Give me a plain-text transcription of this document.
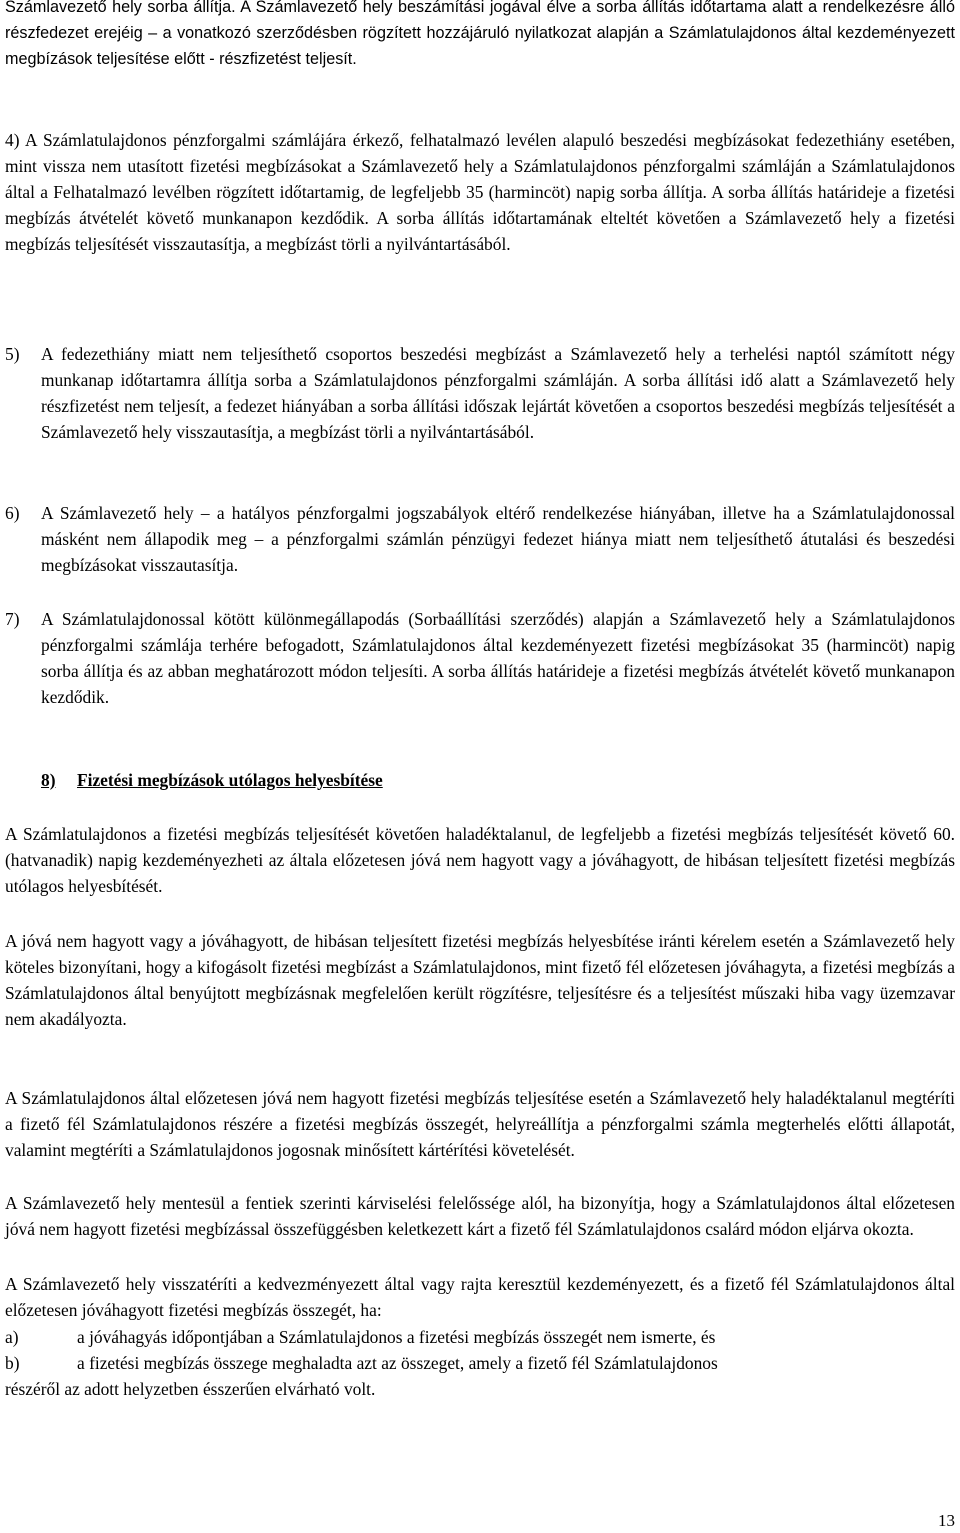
Számlavezető hely sorba állítja. A Számlavezető hely beszámítási jogával élve a sorba állítás időtartama alatt a rendelkezésre álló részfedezet erejéig – a vonatkozó szerződésben rögzített hozzájáruló nyilatkozat alapján a Számlatulajdonos által kezdeményezett megbízások teljesítése előtt - részfizetést teljesít.

4) A Számlatulajdonos pénzforgalmi számlájára érkező, felhatalmazó levélen alapuló beszedési megbízásokat fedezethiány esetében, mint vissza nem utasított fizetési megbízásokat a Számlavezető hely a Számlatulajdonos pénzforgalmi számláján a Számlatulajdonos által a Felhatalmazó levélben rögzített időtartamig, de legfeljebb 35 (harmincöt) napig sorba állítja. A sorba állítás határideje a fizetési megbízás átvételét követő munkanapon kezdődik. A sorba állítás időtartamának elteltét követően a Számlavezető hely a fizetési megbízás teljesítését visszautasítja, a megbízást törli a nyilvántartásából.

5) A fedezethiány miatt nem teljesíthető csoportos beszedési megbízást a Számlavezető hely a terhelési naptól számított négy munkanap időtartamra állítja sorba a Számlatulajdonos pénzforgalmi számláján. A sorba állítási idő alatt a Számlavezető hely részfizetést nem teljesít, a fedezet hiányában a sorba állítási időszak lejártát követően a csoportos beszedési megbízás teljesítését a Számlavezető hely visszautasítja, a megbízást törli a nyilvántartásából.

6) A Számlavezető hely – a hatályos pénzforgalmi jogszabályok eltérő rendelkezése hiányában, illetve ha a Számlatulajdonossal másként nem állapodik meg – a pénzforgalmi számlán pénzügyi fedezet hiánya miatt nem teljesíthető átutalási és beszedési megbízásokat visszautasítja.

7) A Számlatulajdonossal kötött különmegállapodás (Sorbaállítási szerződés) alapján a Számlavezető hely a Számlatulajdonos pénzforgalmi számlája terhére befogadott, Számlatulajdonos által kezdeményezett fizetési megbízásokat 35 (harmincöt) napig sorba állítja és az abban meghatározott módon teljesíti. A sorba állítás határideje a fizetési megbízás átvételét követő munkanapon kezdődik.

8) Fizetési megbízások utólagos helyesbítése

A Számlatulajdonos a fizetési megbízás teljesítését követően haladéktalanul, de legfeljebb a fizetési megbízás teljesítését követő 60. (hatvanadik) napig kezdeményezheti az általa előzetesen jóvá nem hagyott vagy a jóváhagyott, de hibásan teljesített fizetési megbízás utólagos helyesbítését.

A jóvá nem hagyott vagy a jóváhagyott, de hibásan teljesített fizetési megbízás helyesbítése iránti kérelem esetén a Számlavezető hely köteles bizonyítani, hogy a kifogásolt fizetési megbízást a Számlatulajdonos, mint fizető fél előzetesen jóváhagyta, a fizetési megbízás a Számlatulajdonos által benyújtott megbízásnak megfelelően került rögzítésre, teljesítésre és a teljesítést műszaki hiba vagy üzemzavar nem akadályozta.

A Számlatulajdonos által előzetesen jóvá nem hagyott fizetési megbízás teljesítése esetén a Számlavezető hely haladéktalanul megtéríti a fizető fél Számlatulajdonos részére a fizetési megbízás összegét, helyreállítja a pénzforgalmi számla megterhelés előtti állapotát, valamint megtéríti a Számlatulajdonos jogosnak minősített kártérítési követelését.

A Számlavezető hely mentesül a fentiek szerinti kárviselési felelőssége alól, ha bizonyítja, hogy a Számlatulajdonos által előzetesen jóvá nem hagyott fizetési megbízással összefüggésben keletkezett kárt a fizető fél Számlatulajdonos csalárd módon eljárva okozta.

A Számlavezető hely visszatéríti a kedvezményezett által vagy rajta keresztül kezdeményezett, és a fizető fél Számlatulajdonos által előzetesen jóváhagyott fizetési megbízás összegét, ha:

a)	a jóváhagyás időpontjában a Számlatulajdonos a fizetési megbízás összegét nem ismerte, és

b)	a fizetési megbízás összege meghaladta azt az összeget, amely a fizető fél Számlatulajdonos

részéről az adott helyzetben ésszerűen elvárható volt.

13
